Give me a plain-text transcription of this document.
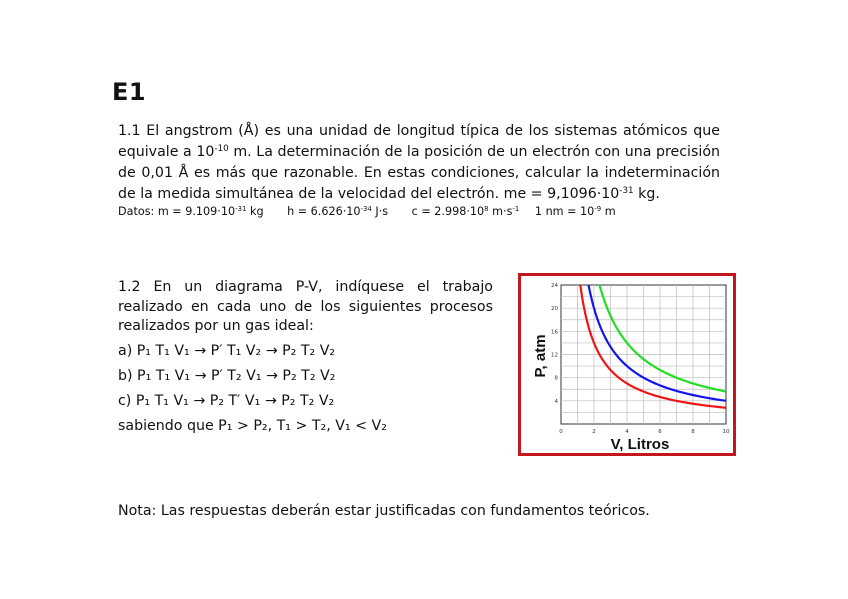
E1
1.1 El angstrom (Å) es una unidad de longitud típica de los sistemas atómicos que
equivale a $10^{-10}$ m. La determinación de la posición de un electrón con una precisión
de 0,01 Å es más que razonable. En estas condiciones, calcular la indeterminación
de la medida simultánea de la velocidad del electrón. me = $9,1096\cdot 10^{-31}$ kg.
Datos: $m = 9.109\cdot 10^{-31}$ kg $h = 6.626\cdot 10^{-34}$ J·s $c = 2.998\cdot 10^8$ $m\cdot s^{-1}$ 1 nm = $10^{-9}$ m
1.2 En un diagrama P-V, indíquese el trabajo
realizado en cada uno de los siguientes procesos
realizados por un gas ideal:
a) P₁ T₁ V₁ → P′ T₁ V₂ → P₂ T₂ V₂
b) P₁ T₁ V₁ → P′ T₂ V₁ → P₂ T₂ V₂
c) P₁ T₁ V₁ → P₂ T′ V₁ → P₂ T₂ V₂
sabiendo que P₁ > P₂, T₁ > T₂, V₁ < V₂	0	2	4	6	8	10
4
8
12
16
20
24
P, atm
V, Litros
Nota: Las respuestas deberán estar justificadas con fundamentos teóricos.
